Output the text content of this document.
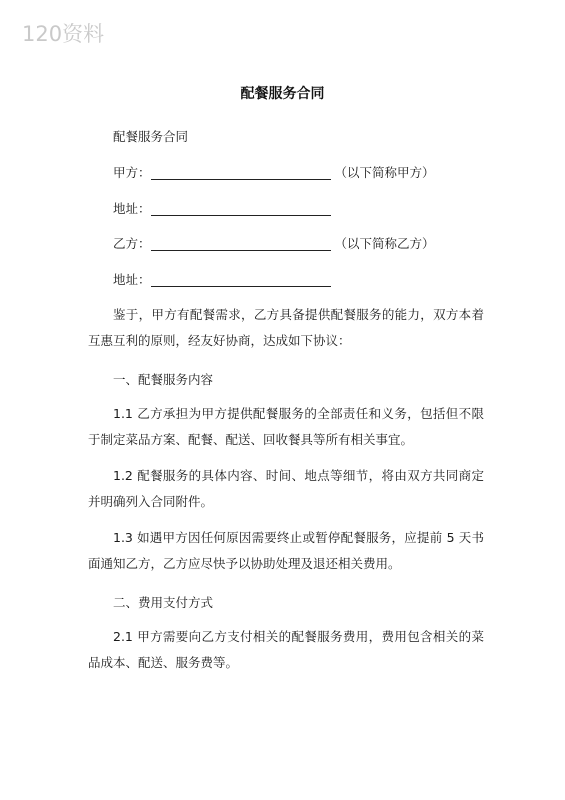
120资料
配餐服务合同
配餐服务合同
甲方：	（以下简称甲方）
地址：
乙方：	（以下简称乙方）
地址：
鉴于，甲方有配餐需求，乙方具备提供配餐服务的能力，双方本着互惠互利的原则，经友好协商，达成如下协议：
一、配餐服务内容
1.1 乙方承担为甲方提供配餐服务的全部责任和义务，包括但不限于制定菜品方案、配餐、配送、回收餐具等所有相关事宜。
1.2 配餐服务的具体内容、时间、地点等细节，将由双方共同商定并明确列入合同附件。
1.3 如遇甲方因任何原因需要终止或暂停配餐服务，应提前 5 天书面通知乙方，乙方应尽快予以协助处理及退还相关费用。
二、费用支付方式
2.1 甲方需要向乙方支付相关的配餐服务费用，费用包含相关的菜品成本、配送、服务费等。
